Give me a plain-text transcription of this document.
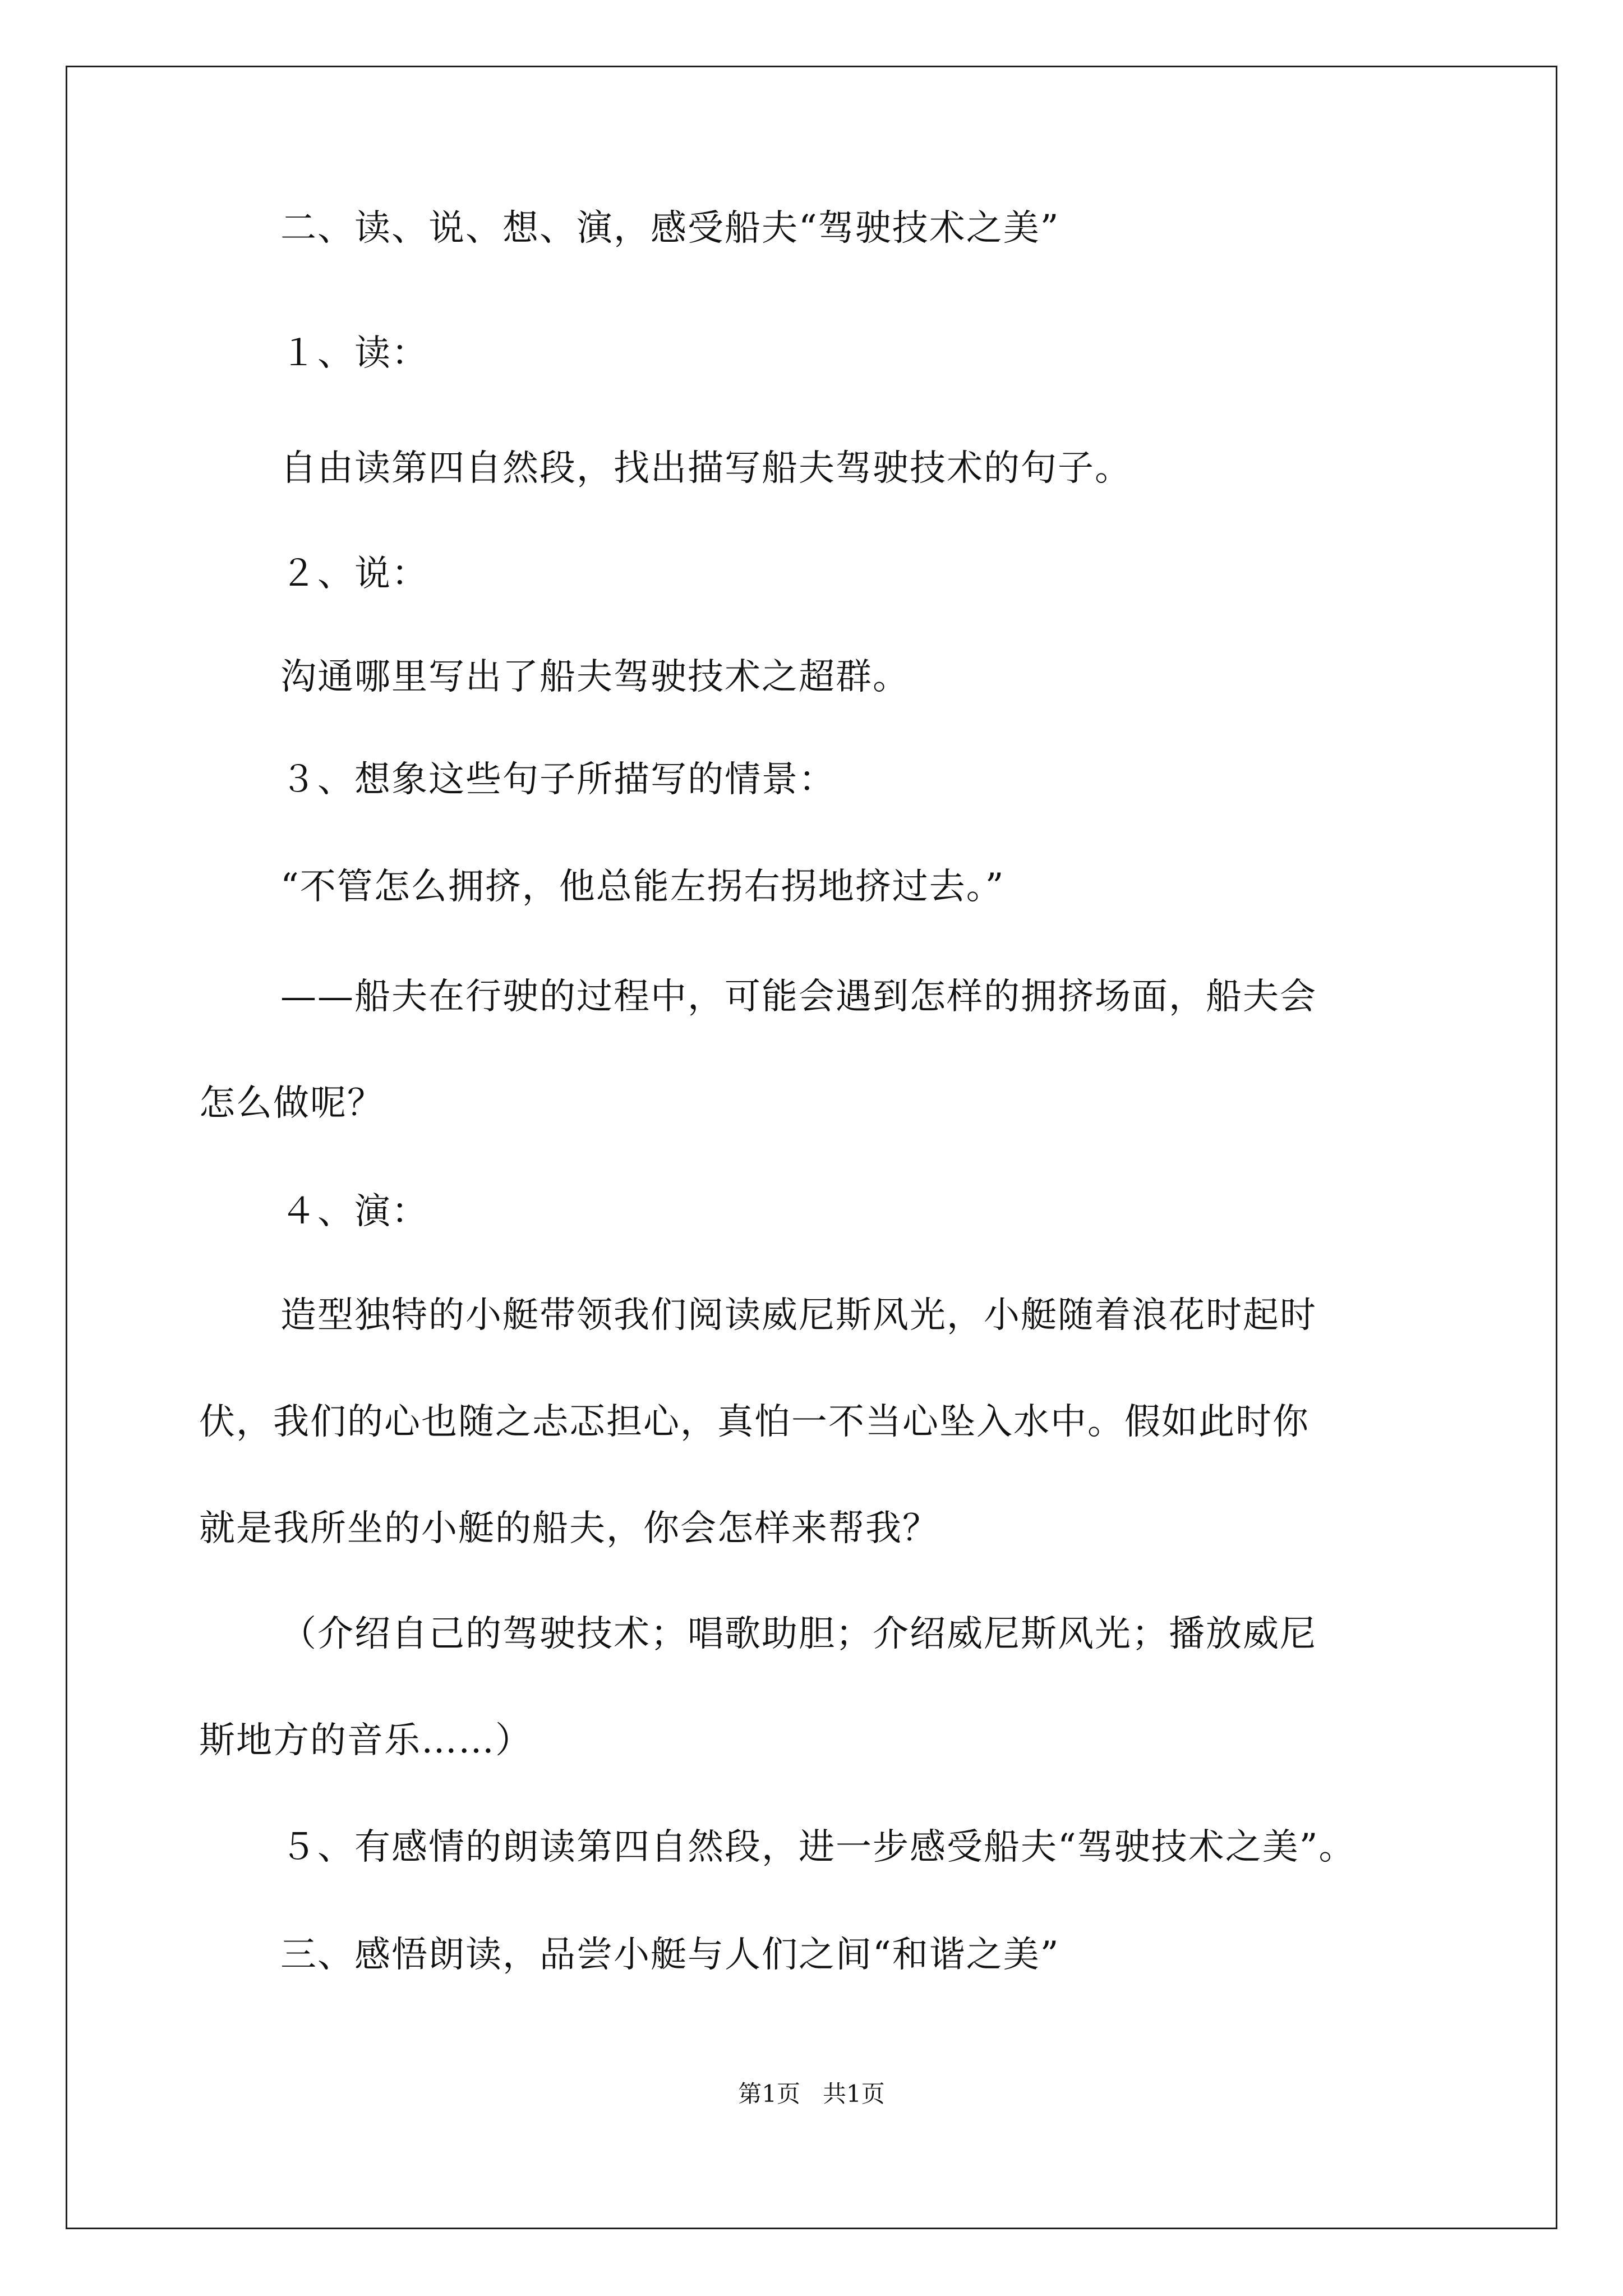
二、读、说、想、演，感受船夫“驾驶技术之美”
１、读：
自由读第四自然段，找出描写船夫驾驶技术的句子。
２、说：
沟通哪里写出了船夫驾驶技术之超群。
３、想象这些句子所描写的情景：
“不管怎么拥挤，他总能左拐右拐地挤过去。”
——船夫在行驶的过程中，可能会遇到怎样的拥挤场面，船夫会
怎么做呢？
４、演：
造型独特的小艇带领我们阅读威尼斯风光，小艇随着浪花时起时
伏，我们的心也随之忐忑担心，真怕一不当心坠入水中。假如此时你
就是我所坐的小艇的船夫，你会怎样来帮我？
（介绍自己的驾驶技术；唱歌助胆；介绍威尼斯风光；播放威尼
斯地方的音乐……）
５、有感情的朗读第四自然段，进一步感受船夫“驾驶技术之美”。
三、感悟朗读，品尝小艇与人们之间“和谐之美”
第1页 共1页
